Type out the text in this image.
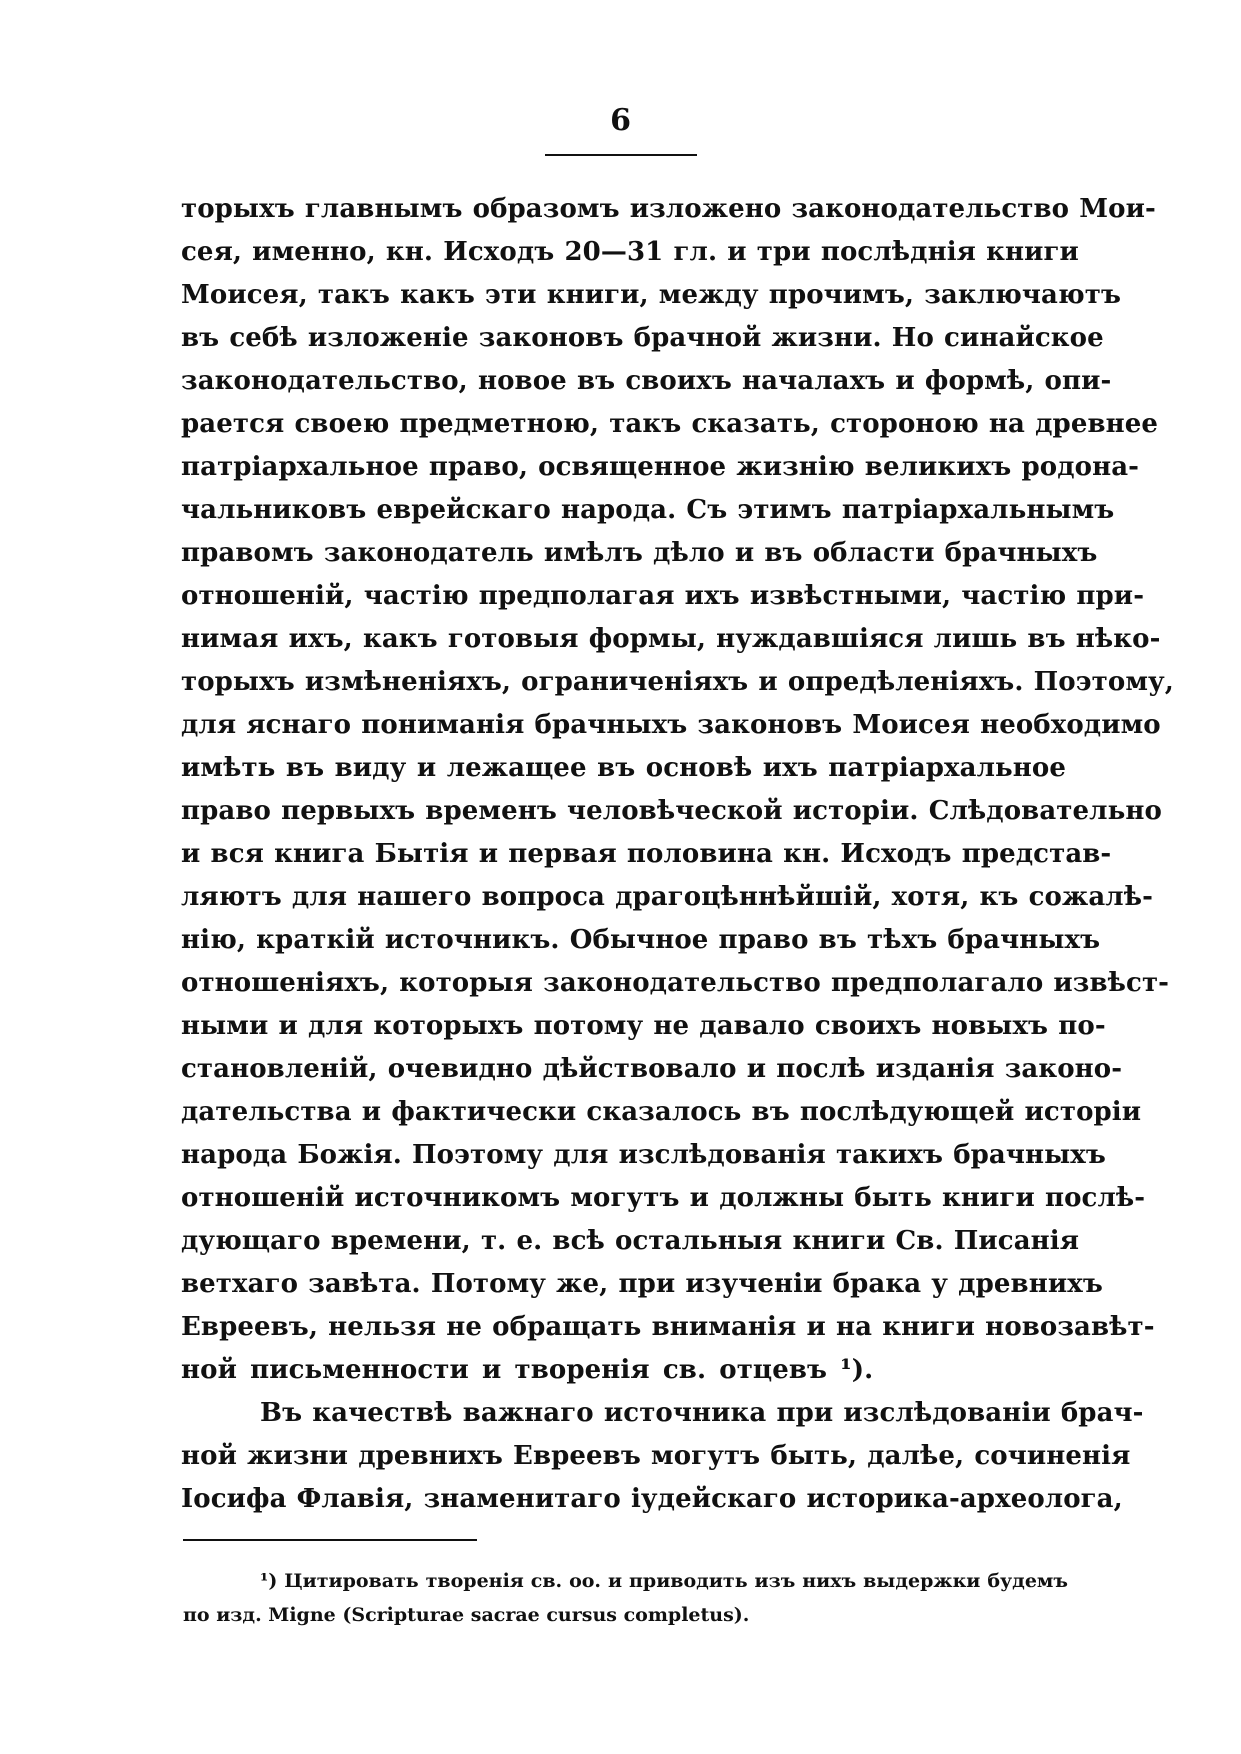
6
торыхъ главнымъ образомъ изложено законодательство Мои-
сея, именно, кн. Исходъ 20—31 гл. и три послѣднія книги
Моисея, такъ какъ эти книги, между прочимъ, заключаютъ
въ себѣ изложеніе законовъ брачной жизни. Но синайское
законодательство, новое въ своихъ началахъ и формѣ, опи-
рается своею предметною, такъ сказать, стороною на древнее
патріархальное право, освященное жизнію великихъ родона-
чальниковъ еврейскаго народа. Съ этимъ патріархальнымъ
правомъ законодатель имѣлъ дѣло и въ области брачныхъ
отношеній, частію предполагая ихъ извѣстными, частію при-
нимая ихъ, какъ готовыя формы, нуждавшіяся лишь въ нѣко-
торыхъ измѣненіяхъ, ограниченіяхъ и опредѣленіяхъ. Поэтому,
для яснаго пониманія брачныхъ законовъ Моисея необходимо
имѣть въ виду и лежащее въ основѣ ихъ патріархальное
право первыхъ временъ человѣческой исторіи. Слѣдовательно
и вся книга Бытія и первая половина кн. Исходъ представ-
ляютъ для нашего вопроса драгоцѣннѣйшій, хотя, къ сожалѣ-
нію, краткій источникъ. Обычное право въ тѣхъ брачныхъ
отношеніяхъ, которыя законодательство предполагало извѣст-
ными и для которыхъ потому не давало своихъ новыхъ по-
становленій, очевидно дѣйствовало и послѣ изданія законо-
дательства и фактически сказалось въ послѣдующей исторіи
народа Божія. Поэтому для изслѣдованія такихъ брачныхъ
отношеній источникомъ могутъ и должны быть книги послѣ-
дующаго времени, т. е. всѣ остальныя книги Св. Писанія
ветхаго завѣта. Потому же, при изученіи брака у древнихъ
Евреевъ, нельзя не обращать вниманія и на книги новозавѣт-
ной письменности и творенія св. отцевъ ¹).
Въ качествѣ важнаго источника при изслѣдованіи брач-
ной жизни древнихъ Евреевъ могутъ быть, далѣе, сочиненія
Іосифа Флавія, знаменитаго іудейскаго историка-археолога,
¹) Цитировать творенія св. оо. и приводить изъ нихъ выдержки будемъ
по изд. Migne (Scripturae sacrae cursus completus).
